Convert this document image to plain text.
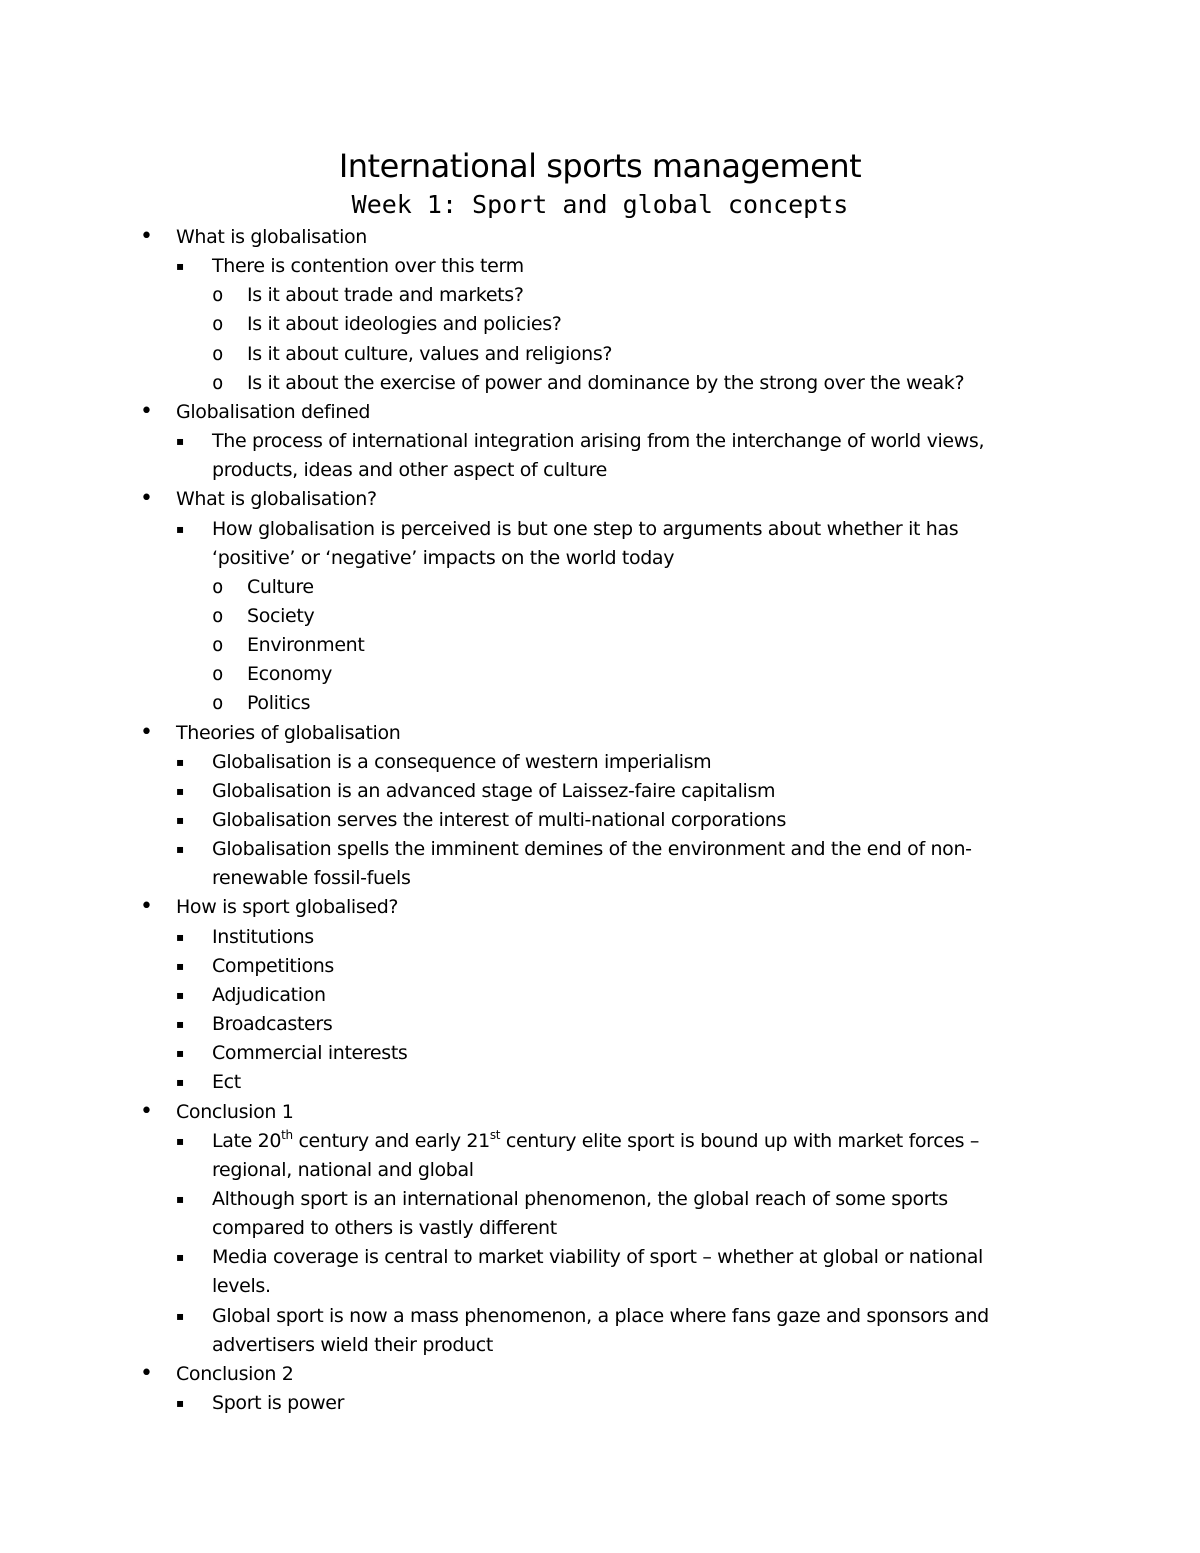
International sports management
Week 1: Sport and global concepts
• What is globalisation
▪ There is contention over this term
o Is it about trade and markets?
o Is it about ideologies and policies?
o Is it about culture, values and religions?
o Is it about the exercise of power and dominance by the strong over the weak?
• Globalisation defined
▪ The process of international integration arising from the interchange of world views,
products, ideas and other aspect of culture
• What is globalisation?
▪ How globalisation is perceived is but one step to arguments about whether it has
‘positive’ or ‘negative’ impacts on the world today
o Culture
o Society
o Environment
o Economy
o Politics
• Theories of globalisation
▪ Globalisation is a consequence of western imperialism
▪ Globalisation is an advanced stage of Laissez-faire capitalism
▪ Globalisation serves the interest of multi-national corporations
▪ Globalisation spells the imminent demines of the environment and the end of non-
renewable fossil-fuels
• How is sport globalised?
▪ Institutions
▪ Competitions
▪ Adjudication
▪ Broadcasters
▪ Commercial interests
▪ Ect
• Conclusion 1
▪ Late 20th century and early 21st century elite sport is bound up with market forces –
regional, national and global
▪ Although sport is an international phenomenon, the global reach of some sports
compared to others is vastly different
▪ Media coverage is central to market viability of sport – whether at global or national
levels.
▪ Global sport is now a mass phenomenon, a place where fans gaze and sponsors and
advertisers wield their product
• Conclusion 2
▪ Sport is power
